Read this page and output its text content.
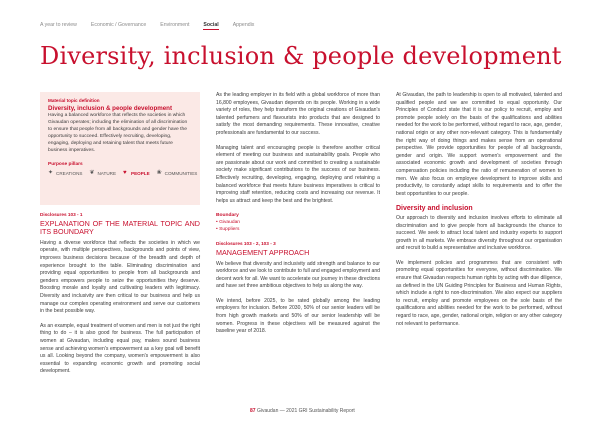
A year to review	Economic / Governance	Environment	Social	Appendix
Diversity, inclusion & people development
Material topic definition
Diversity, inclusion & people development
Having a balanced workforce that reflects the societies in which Givaudan operates; including the elimination of all discrimination to ensure that people from all backgrounds and gender have the opportunity to succeed. Effectively recruiting, developing, engaging, deploying and retaining talent that meets future business imperatives.
Purpose pillars
✦ CREATIONS ❦ NATURE ♥ PEOPLE ❀ COMMUNITIES
Disclosures 103 - 1
EXPLANATION OF THE MATERIAL TOPIC AND ITS BOUNDARY

Having a diverse workforce that reflects the societies in which we operate, with multiple perspectives, backgrounds and points of view, improves business decisions because of the breadth and depth of experience brought to the table. Eliminating discrimination and providing equal opportunities to people from all backgrounds and genders empowers people to seize the opportunities they deserve. Boosting morale and loyalty and cultivating leaders with legitimacy. Diversity and inclusivity are then critical to our business and help us manage our complex operating environment and serve our customers in the best possible way.

As an example, equal treatment of women and men is not just the right thing to do – it is also good for business. The full participation of women at Givaudan, including equal pay, makes sound business sense and achieving women's empowerment as a key goal will benefit us all. Looking beyond the company, women's empowerment is also essential to expanding economic growth and promoting social development.

As the leading employer in its field with a global workforce of more than 16,800 employees, Givaudan depends on its people. Working in a wide variety of roles, they help transform the original creations of Givaudan's talented perfumers and flavourists into products that are designed to satisfy the most demanding requirements. These innovative, creative professionals are fundamental to our success.

Managing talent and encouraging people is therefore another critical element of meeting our business and sustainability goals. People who are passionate about our work and committed to creating a sustainable society make significant contributions to the success of our business. Effectively recruiting, developing, engaging, deploying and retaining a balanced workforce that meets future business imperatives is critical to improving staff retention, reducing costs and increasing our revenue. It helps us attract and keep the best and the brightest.

Boundary
• Givaudan
• Suppliers
Disclosures 103 - 2, 103 - 3
MANAGEMENT APPROACH

We believe that diversity and inclusivity add strength and balance to our workforce and we look to contribute to full and engaged employment and decent work for all. We want to accelerate our journey in these directions and have set three ambitious objectives to help us along the way.

We intend, before 2025, to be rated globally among the leading employers for inclusion. Before 2030, 50% of our senior leaders will be from high growth markets and 50% of our senior leadership will be women. Progress in these objectives will be measured against the baseline year of 2018.

At Givaudan, the path to leadership is open to all motivated, talented and qualified people and we are committed to equal opportunity. Our Principles of Conduct state that it is our policy to recruit, employ and promote people solely on the basis of the qualifications and abilities needed for the work to be performed, without regard to race, age, gender, national origin or any other non-relevant category. This is fundamentally the right way of doing things and makes sense from an operational perspective. We provide opportunities for people of all backgrounds, gender and origin. We support women's empowerment and the associated economic growth and development of societies through compensation policies including the ratio of remuneration of women to men. We also focus on employee development to improve skills and productivity, to constantly adapt skills to requirements and to offer the best opportunities to our people.

Diversity and inclusion

Our approach to diversity and inclusion involves efforts to eliminate all discrimination and to give people from all backgrounds the chance to succeed. We seek to attract local talent and industry experts to support growth in all markets. We embrace diversity throughout our organisation and recruit to build a representative and inclusive workforce.

We implement policies and programmes that are consistent with promoting equal opportunities for everyone, without discrimination. We ensure that Givaudan respects human rights by acting with due diligence, as defined in the UN Guiding Principles for Business and Human Rights, which include a right to non-discrimination. We also expect our suppliers to recruit, employ and promote employees on the sole basis of the qualifications and abilities needed for the work to be performed, without regard to race, age, gender, national origin, religion or any other category not relevant to performance.

87 Givaudan — 2021 GRI Sustainability Report
